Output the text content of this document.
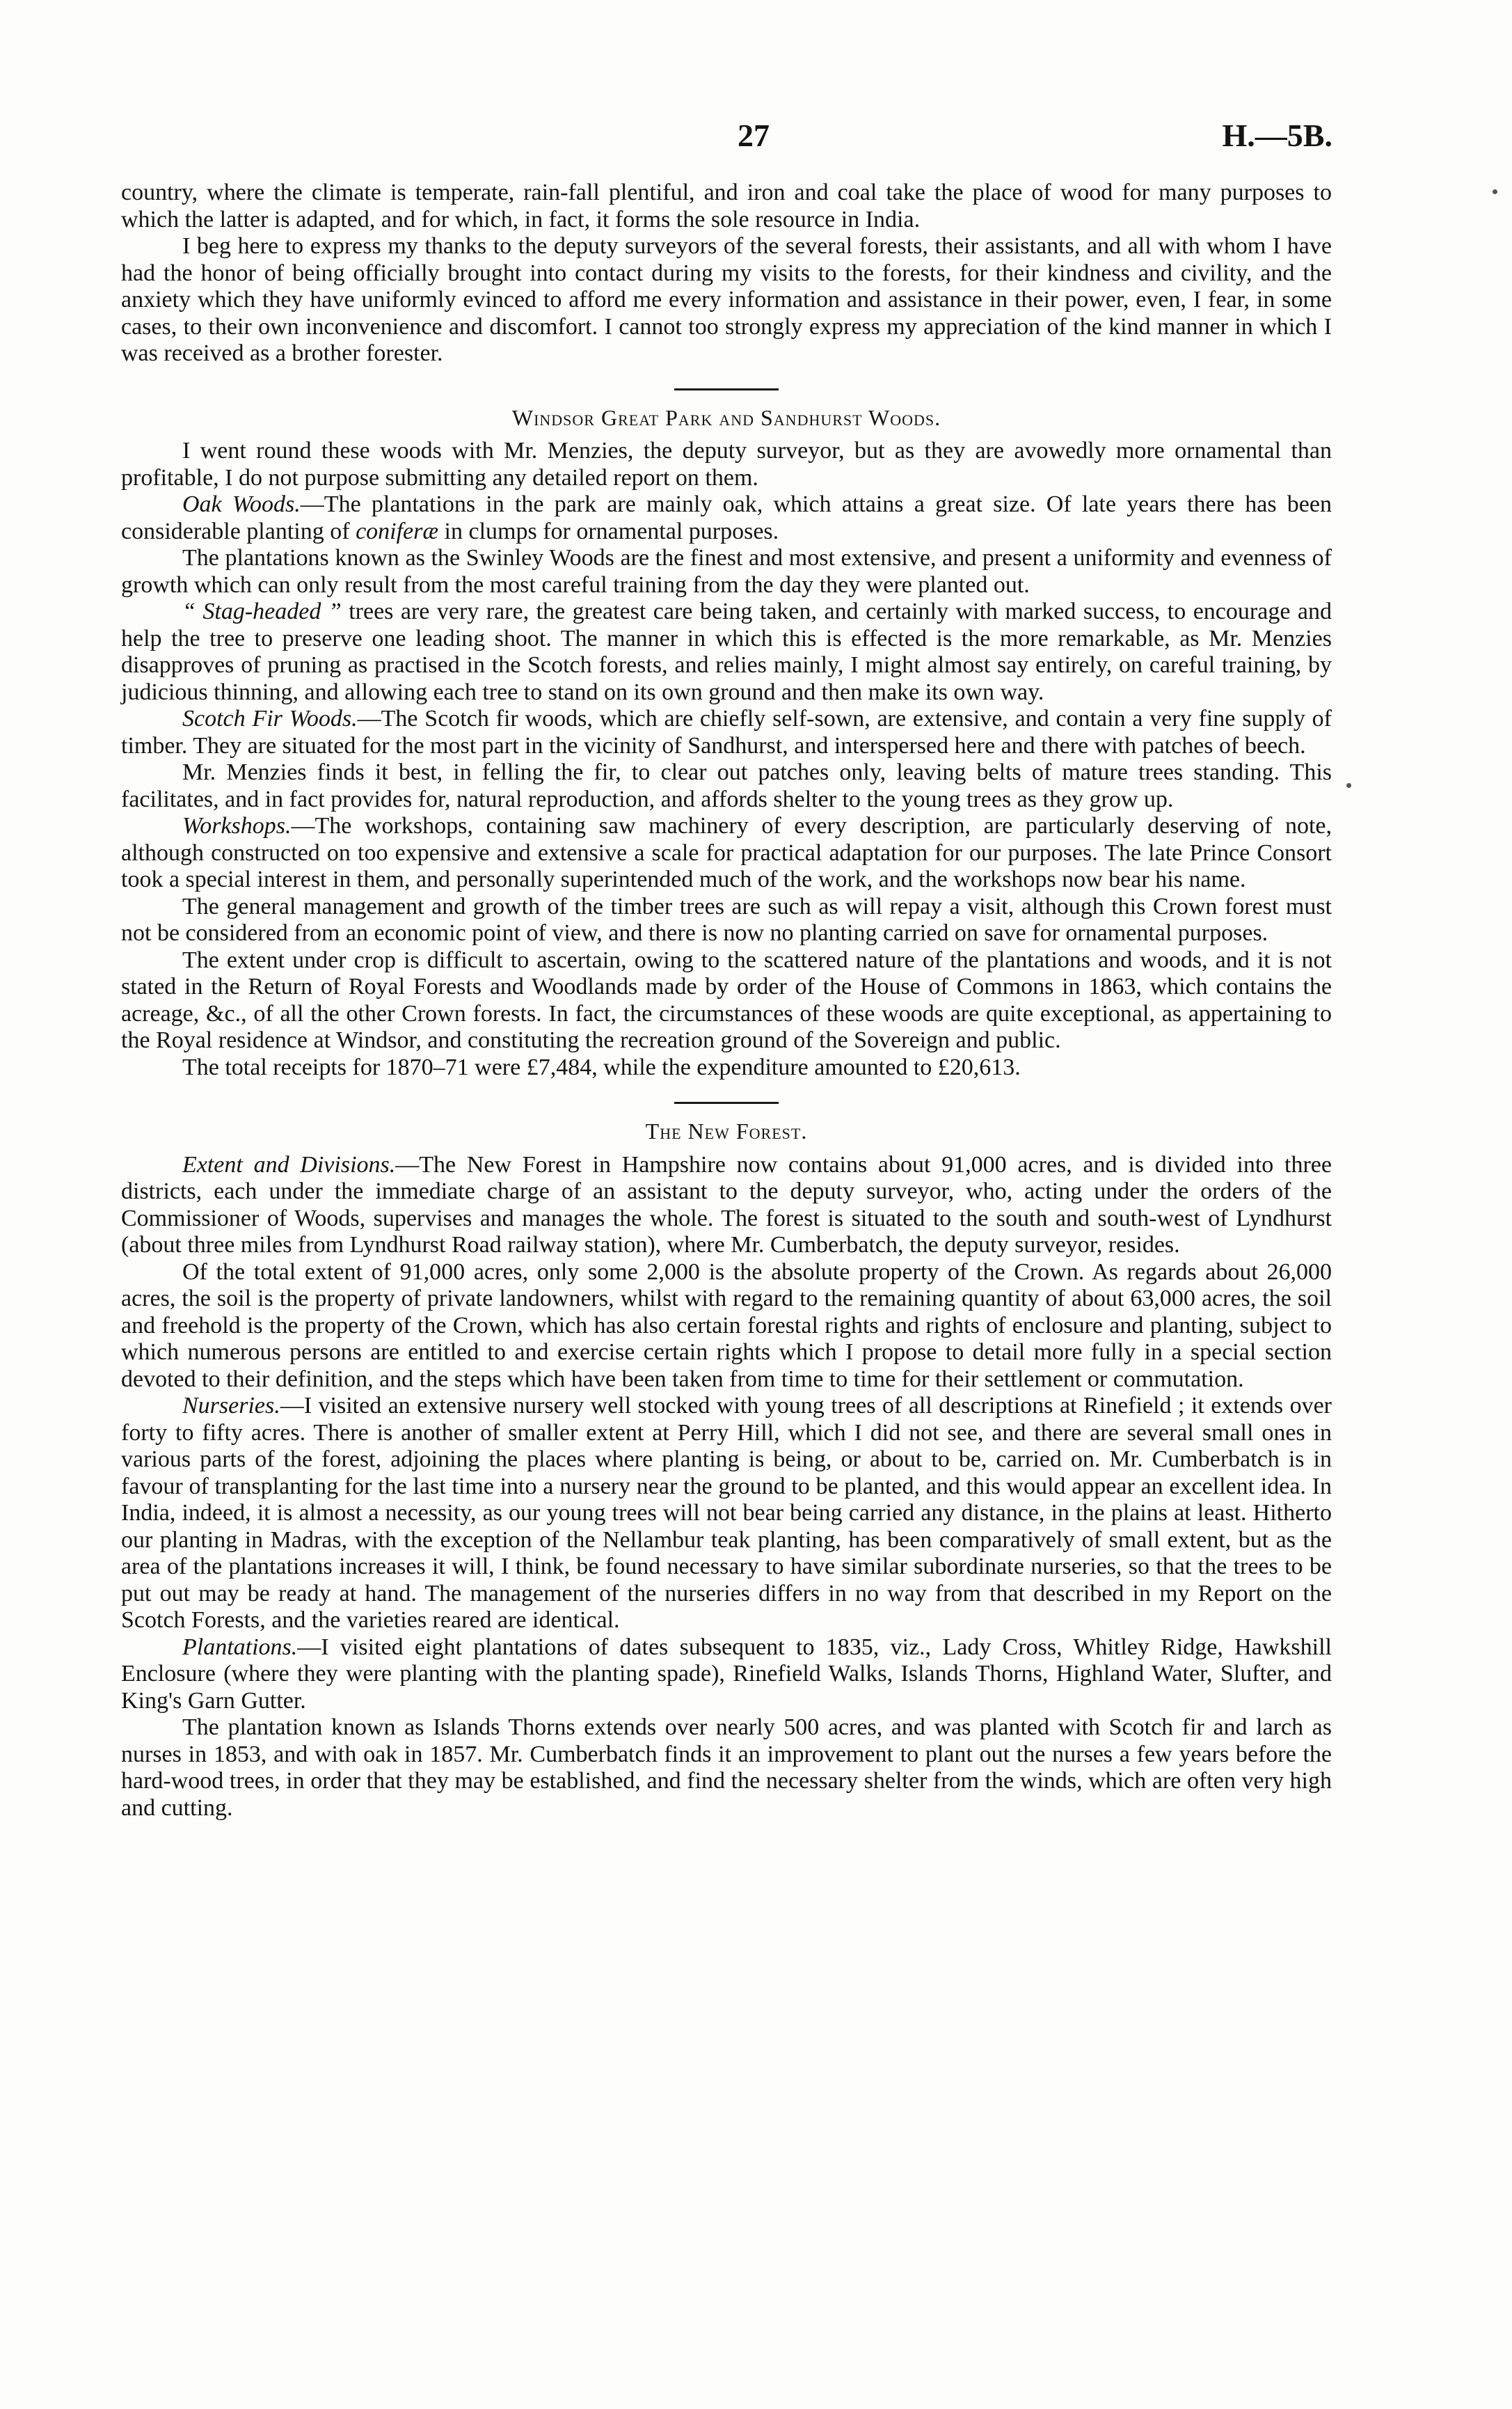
27	H.—5B.

country, where the climate is temperate, rain-fall plentiful, and iron and coal take the place of wood for many purposes to which the latter is adapted, and for which, in fact, it forms the sole resource in India.

I beg here to express my thanks to the deputy surveyors of the several forests, their assistants, and all with whom I have had the honor of being officially brought into contact during my visits to the forests, for their kindness and civility, and the anxiety which they have uniformly evinced to afford me every information and assistance in their power, even, I fear, in some cases, to their own inconvenience and discomfort. I cannot too strongly express my appreciation of the kind manner in which I was received as a brother forester.

Windsor Great Park and Sandhurst Woods.

I went round these woods with Mr. Menzies, the deputy surveyor, but as they are avowedly more ornamental than profitable, I do not purpose submitting any detailed report on them.

Oak Woods.—The plantations in the park are mainly oak, which attains a great size. Of late years there has been considerable planting of coniferæ in clumps for ornamental purposes.

The plantations known as the Swinley Woods are the finest and most extensive, and present a uniformity and evenness of growth which can only result from the most careful training from the day they were planted out.

“ Stag-headed ” trees are very rare, the greatest care being taken, and certainly with marked success, to encourage and help the tree to preserve one leading shoot. The manner in which this is effected is the more remarkable, as Mr. Menzies disapproves of pruning as practised in the Scotch forests, and relies mainly, I might almost say entirely, on careful training, by judicious thinning, and allowing each tree to stand on its own ground and then make its own way.

Scotch Fir Woods.—The Scotch fir woods, which are chiefly self-sown, are extensive, and contain a very fine supply of timber. They are situated for the most part in the vicinity of Sandhurst, and interspersed here and there with patches of beech.

Mr. Menzies finds it best, in felling the fir, to clear out patches only, leaving belts of mature trees standing. This facilitates, and in fact provides for, natural reproduction, and affords shelter to the young trees as they grow up.

Workshops.—The workshops, containing saw machinery of every description, are particularly deserving of note, although constructed on too expensive and extensive a scale for practical adaptation for our purposes. The late Prince Consort took a special interest in them, and personally superintended much of the work, and the workshops now bear his name.

The general management and growth of the timber trees are such as will repay a visit, although this Crown forest must not be considered from an economic point of view, and there is now no planting carried on save for ornamental purposes.

The extent under crop is difficult to ascertain, owing to the scattered nature of the plantations and woods, and it is not stated in the Return of Royal Forests and Woodlands made by order of the House of Commons in 1863, which contains the acreage, &c., of all the other Crown forests. In fact, the circumstances of these woods are quite exceptional, as appertaining to the Royal residence at Windsor, and constituting the recreation ground of the Sovereign and public.

The total receipts for 1870–71 were £7,484, while the expenditure amounted to £20,613.

The New Forest.

Extent and Divisions.—The New Forest in Hampshire now contains about 91,000 acres, and is divided into three districts, each under the immediate charge of an assistant to the deputy surveyor, who, acting under the orders of the Commissioner of Woods, supervises and manages the whole. The forest is situated to the south and south-west of Lyndhurst (about three miles from Lyndhurst Road railway station), where Mr. Cumberbatch, the deputy surveyor, resides.

Of the total extent of 91,000 acres, only some 2,000 is the absolute property of the Crown. As regards about 26,000 acres, the soil is the property of private landowners, whilst with regard to the remaining quantity of about 63,000 acres, the soil and freehold is the property of the Crown, which has also certain forestal rights and rights of enclosure and planting, subject to which numerous persons are entitled to and exercise certain rights which I propose to detail more fully in a special section devoted to their definition, and the steps which have been taken from time to time for their settlement or commutation.

Nurseries.—I visited an extensive nursery well stocked with young trees of all descriptions at Rinefield ; it extends over forty to fifty acres. There is another of smaller extent at Perry Hill, which I did not see, and there are several small ones in various parts of the forest, adjoining the places where planting is being, or about to be, carried on. Mr. Cumberbatch is in favour of transplanting for the last time into a nursery near the ground to be planted, and this would appear an excellent idea. In India, indeed, it is almost a necessity, as our young trees will not bear being carried any distance, in the plains at least. Hitherto our planting in Madras, with the exception of the Nellambur teak planting, has been comparatively of small extent, but as the area of the plantations increases it will, I think, be found necessary to have similar subordinate nurseries, so that the trees to be put out may be ready at hand. The management of the nurseries differs in no way from that described in my Report on the Scotch Forests, and the varieties reared are identical.

Plantations.—I visited eight plantations of dates subsequent to 1835, viz., Lady Cross, Whitley Ridge, Hawkshill Enclosure (where they were planting with the planting spade), Rinefield Walks, Islands Thorns, Highland Water, Slufter, and King's Garn Gutter.

The plantation known as Islands Thorns extends over nearly 500 acres, and was planted with Scotch fir and larch as nurses in 1853, and with oak in 1857. Mr. Cumberbatch finds it an improvement to plant out the nurses a few years before the hard-wood trees, in order that they may be established, and find the necessary shelter from the winds, which are often very high and cutting.
